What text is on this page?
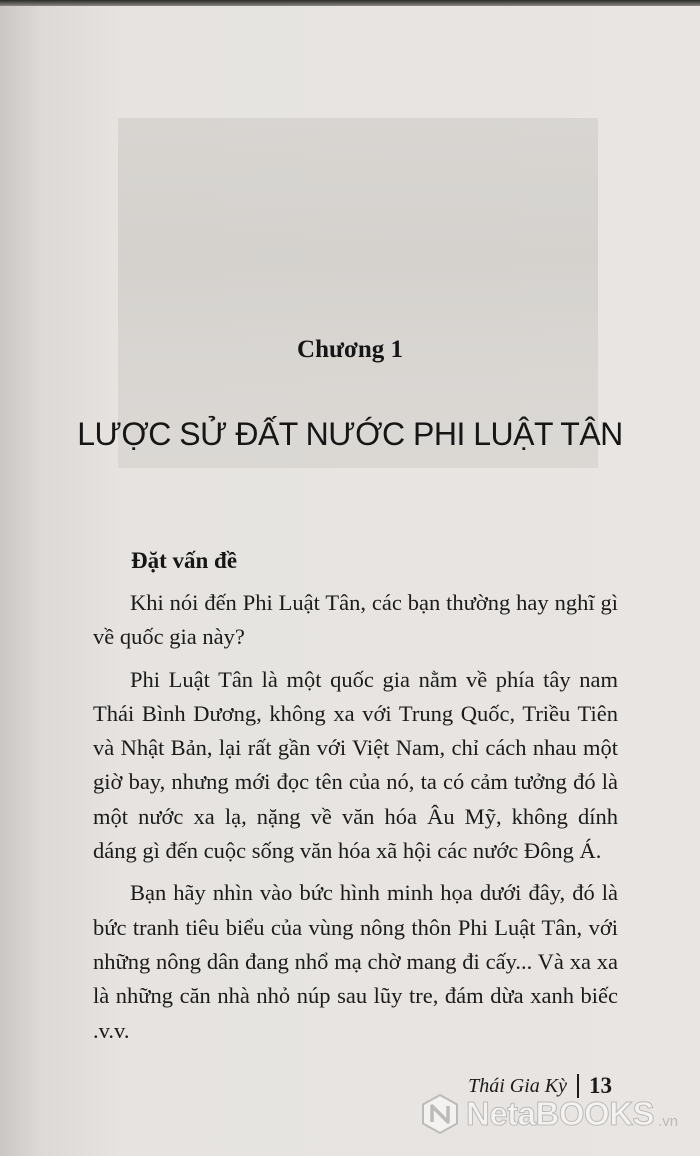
Chương 1
LƯỢC SỬ ĐẤT NƯỚC PHI LUẬT TÂN
Đặt vấn đề

Khi nói đến Phi Luật Tân, các bạn thường hay nghĩ gì về quốc gia này?

Phi Luật Tân là một quốc gia nằm về phía tây nam Thái Bình Dương, không xa với Trung Quốc, Triều Tiên và Nhật Bản, lại rất gần với Việt Nam, chỉ cách nhau một giờ bay, nhưng mới đọc tên của nó, ta có cảm tưởng đó là một nước xa lạ, nặng về văn hóa Âu Mỹ, không dính dáng gì đến cuộc sống văn hóa xã hội các nước Đông Á.

Bạn hãy nhìn vào bức hình minh họa dưới đây, đó là bức tranh tiêu biểu của vùng nông thôn Phi Luật Tân, với những nông dân đang nhổ mạ chờ mang đi cấy... Và xa xa là những căn nhà nhỏ núp sau lũy tre, đám dừa xanh biếc .v.v.

Thái Gia Kỳ 13
NetaBOOKS .vn
